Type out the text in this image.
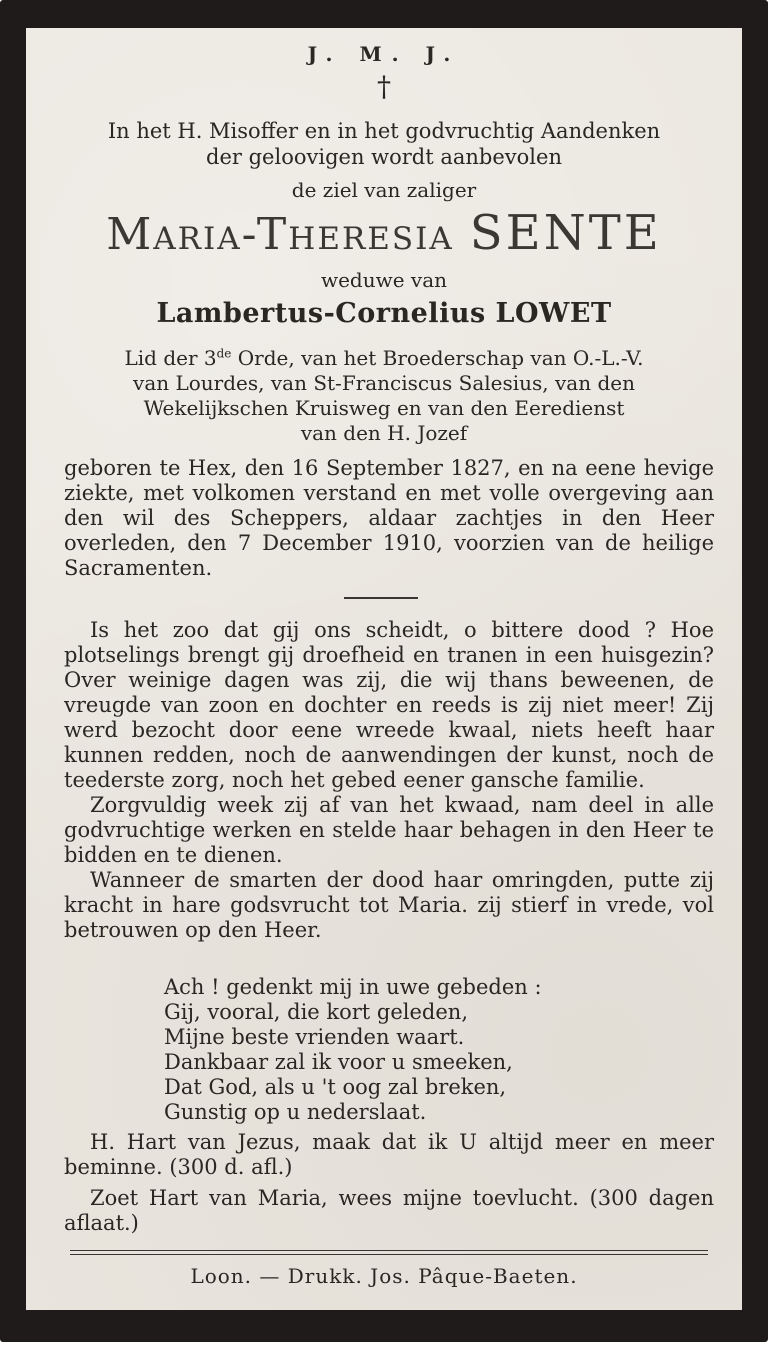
J. M. J.
†
In het H. Misoffer en in het godvruchtig Aandenken
der geloovigen wordt aanbevolen
de ziel van zaliger
Maria-Theresia SENTE
weduwe van
Lambertus-Cornelius LOWET
Lid der 3de Orde, van het Broederschap van O.-L.-V.
van Lourdes, van St-Franciscus Salesius, van den
Wekelijkschen Kruisweg en van den Eeredienst
van den H. Jozef
geboren te Hex, den 16 September 1827, en na eene hevige ziekte, met volkomen verstand en met volle overgeving aan den wil des Scheppers, aldaar zachtjes in den Heer overleden, den 7 December 1910, voorzien van de heilige Sacramenten.

Is het zoo dat gij ons scheidt, o bittere dood ? Hoe plotselings brengt gij droefheid en tranen in een huisgezin? Over weinige dagen was zij, die wij thans beweenen, de vreugde van zoon en dochter en reeds is zij niet meer! Zij werd bezocht door eene wreede kwaal, niets heeft haar kunnen redden, noch de aanwendingen der kunst, noch de teederste zorg, noch het gebed eener gansche familie.

Zorgvuldig week zij af van het kwaad, nam deel in alle godvruchtige werken en stelde haar behagen in den Heer te bidden en te dienen.

Wanneer de smarten der dood haar omringden, putte zij kracht in hare godsvrucht tot Maria. zij stierf in vrede, vol betrouwen op den Heer.

Ach ! gedenkt mij in uwe gebeden :
Gij, vooral, die kort geleden,
Mijne beste vrienden waart.
Dankbaar zal ik voor u smeeken,
Dat God, als u 't oog zal breken,
Gunstig op u nederslaat.

H. Hart van Jezus, maak dat ik U altijd meer en meer beminne. (300 d. afl.)

Zoet Hart van Maria, wees mijne toevlucht. (300 dagen aflaat.)

Loon. — Drukk. Jos. Pâque-Baeten.
